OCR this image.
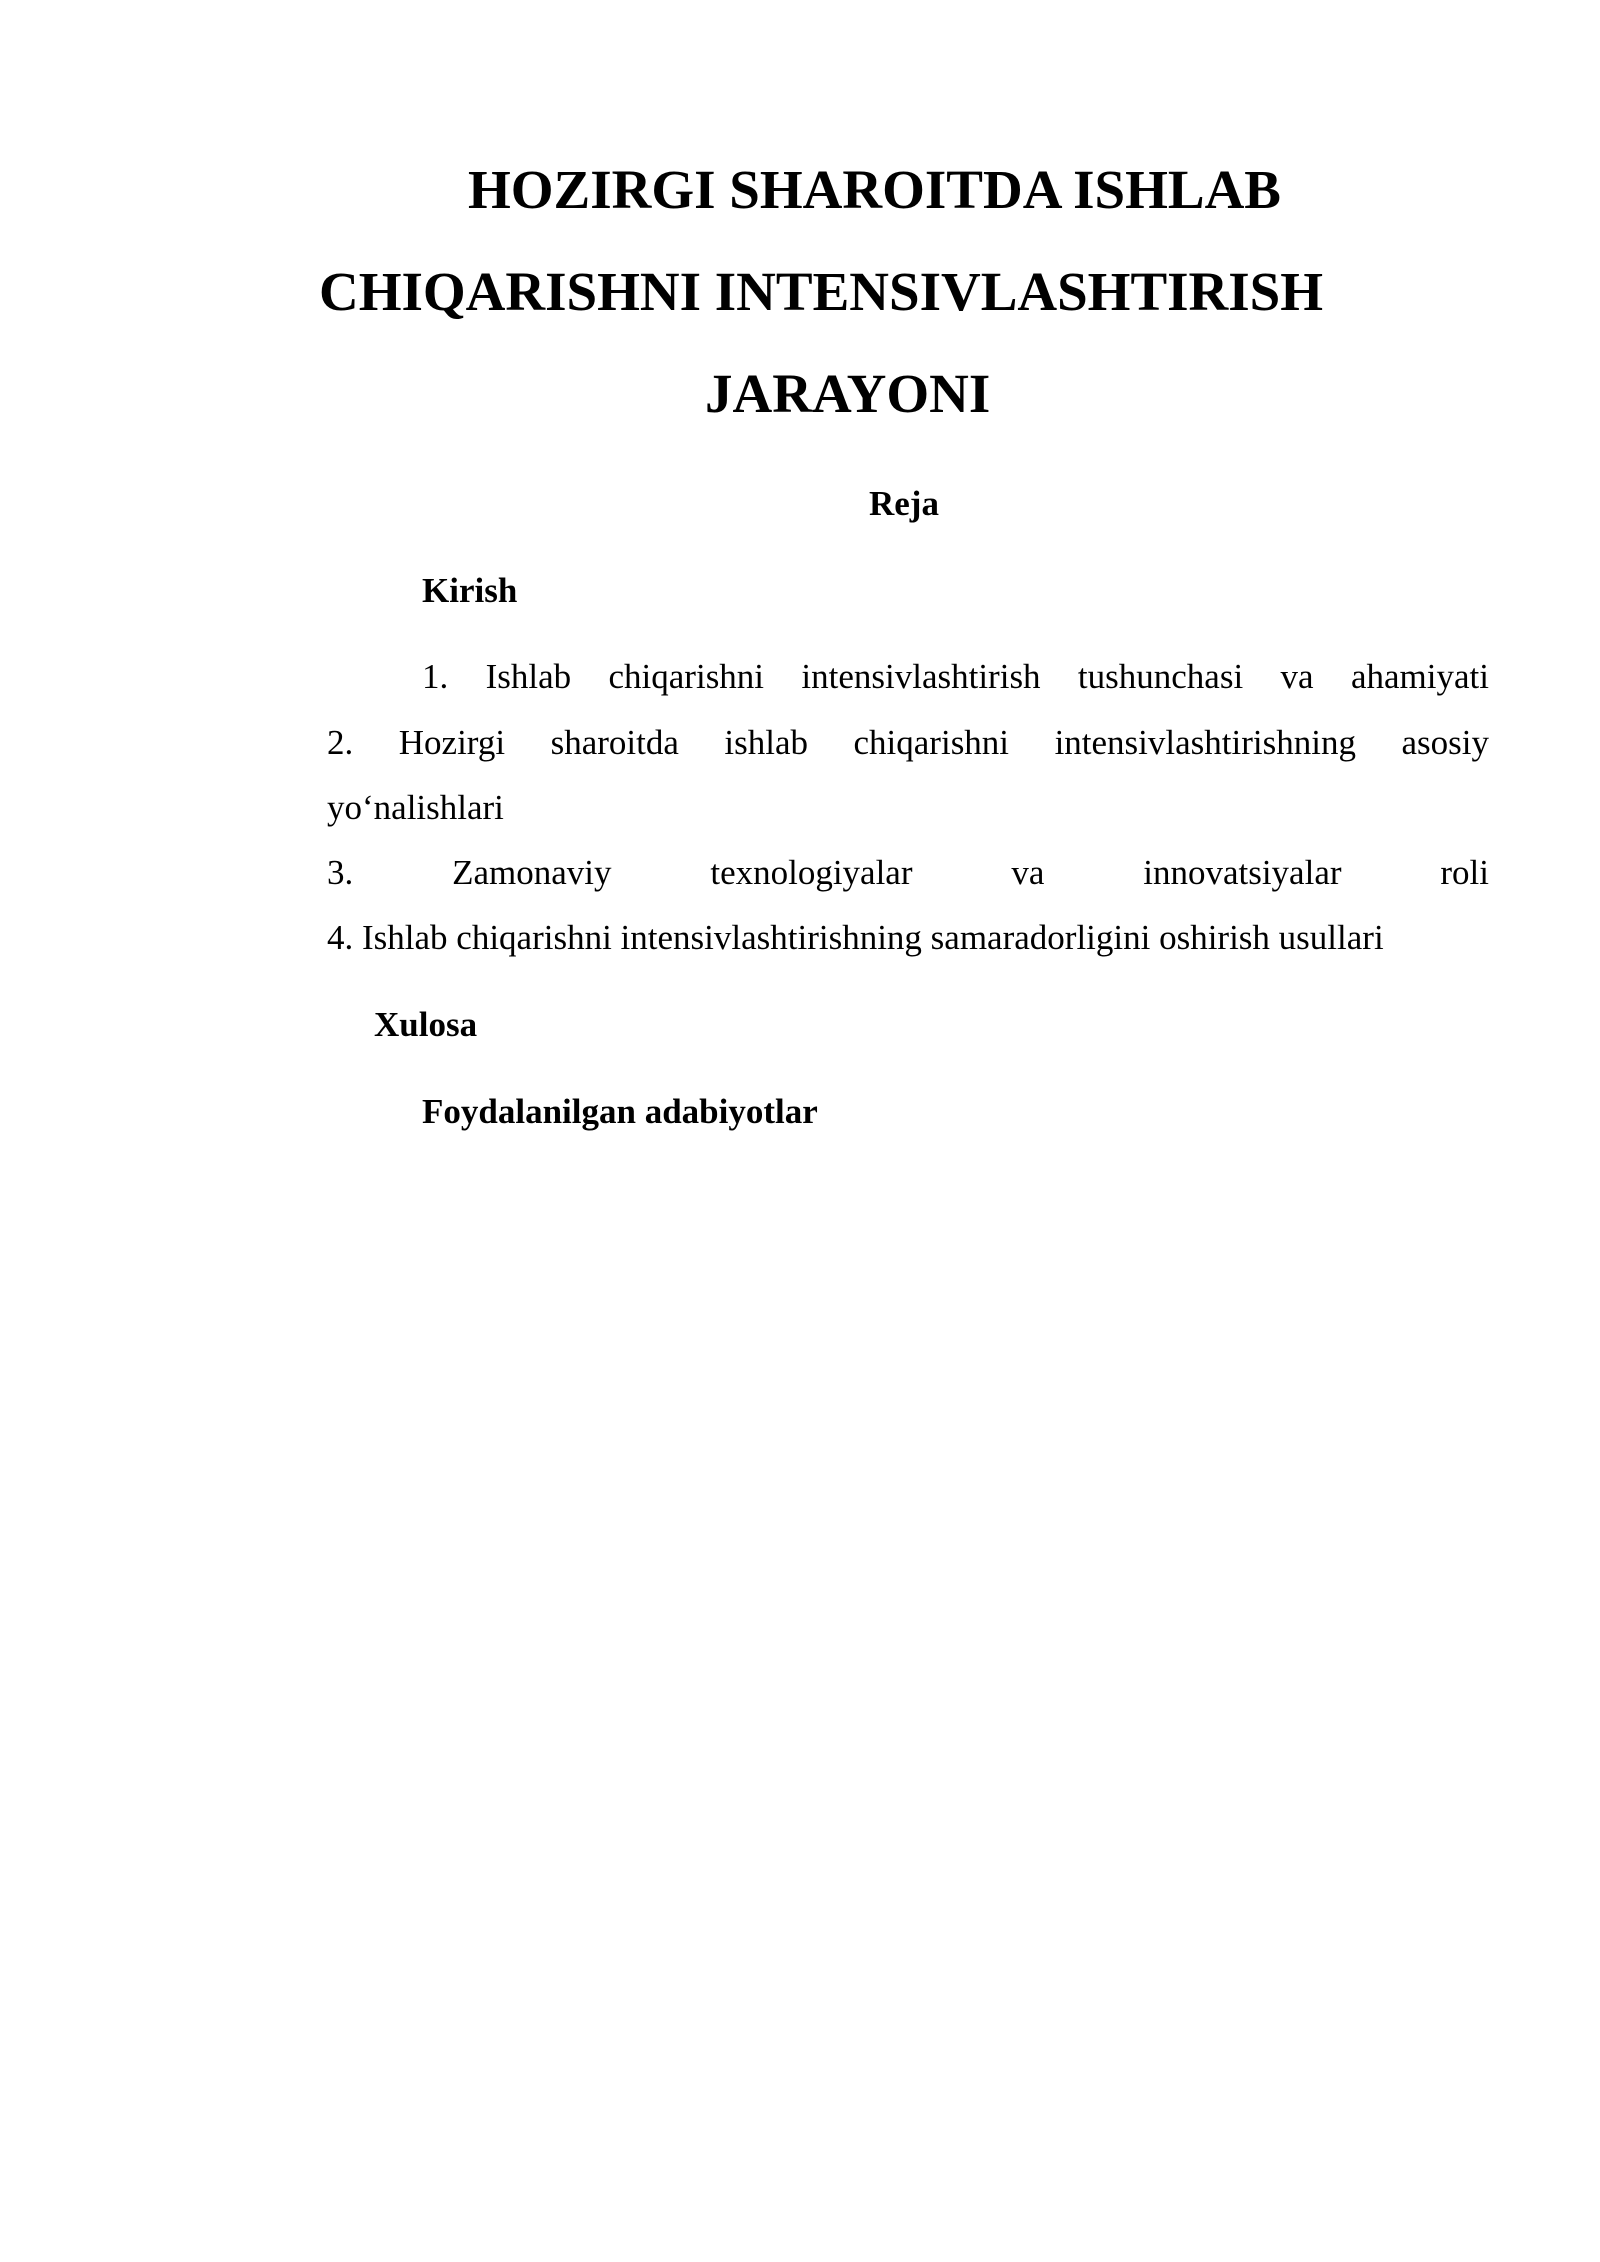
HOZIRGI SHAROITDA ISHLAB
CHIQARISHNI INTENSIVLASHTIRISH
JARAYONI
Reja
Kirish
1. Ishlab chiqarishni intensivlashtirish tushunchasi va ahamiyati
2. Hozirgi sharoitda ishlab chiqarishni intensivlashtirishning asosiy
yo‘nalishlari
3.	Zamonaviy	texnologiyalar	va	innovatsiyalar	roli
4. Ishlab chiqarishni intensivlashtirishning samaradorligini oshirish usullari
Xulosa
Foydalanilgan adabiyotlar
